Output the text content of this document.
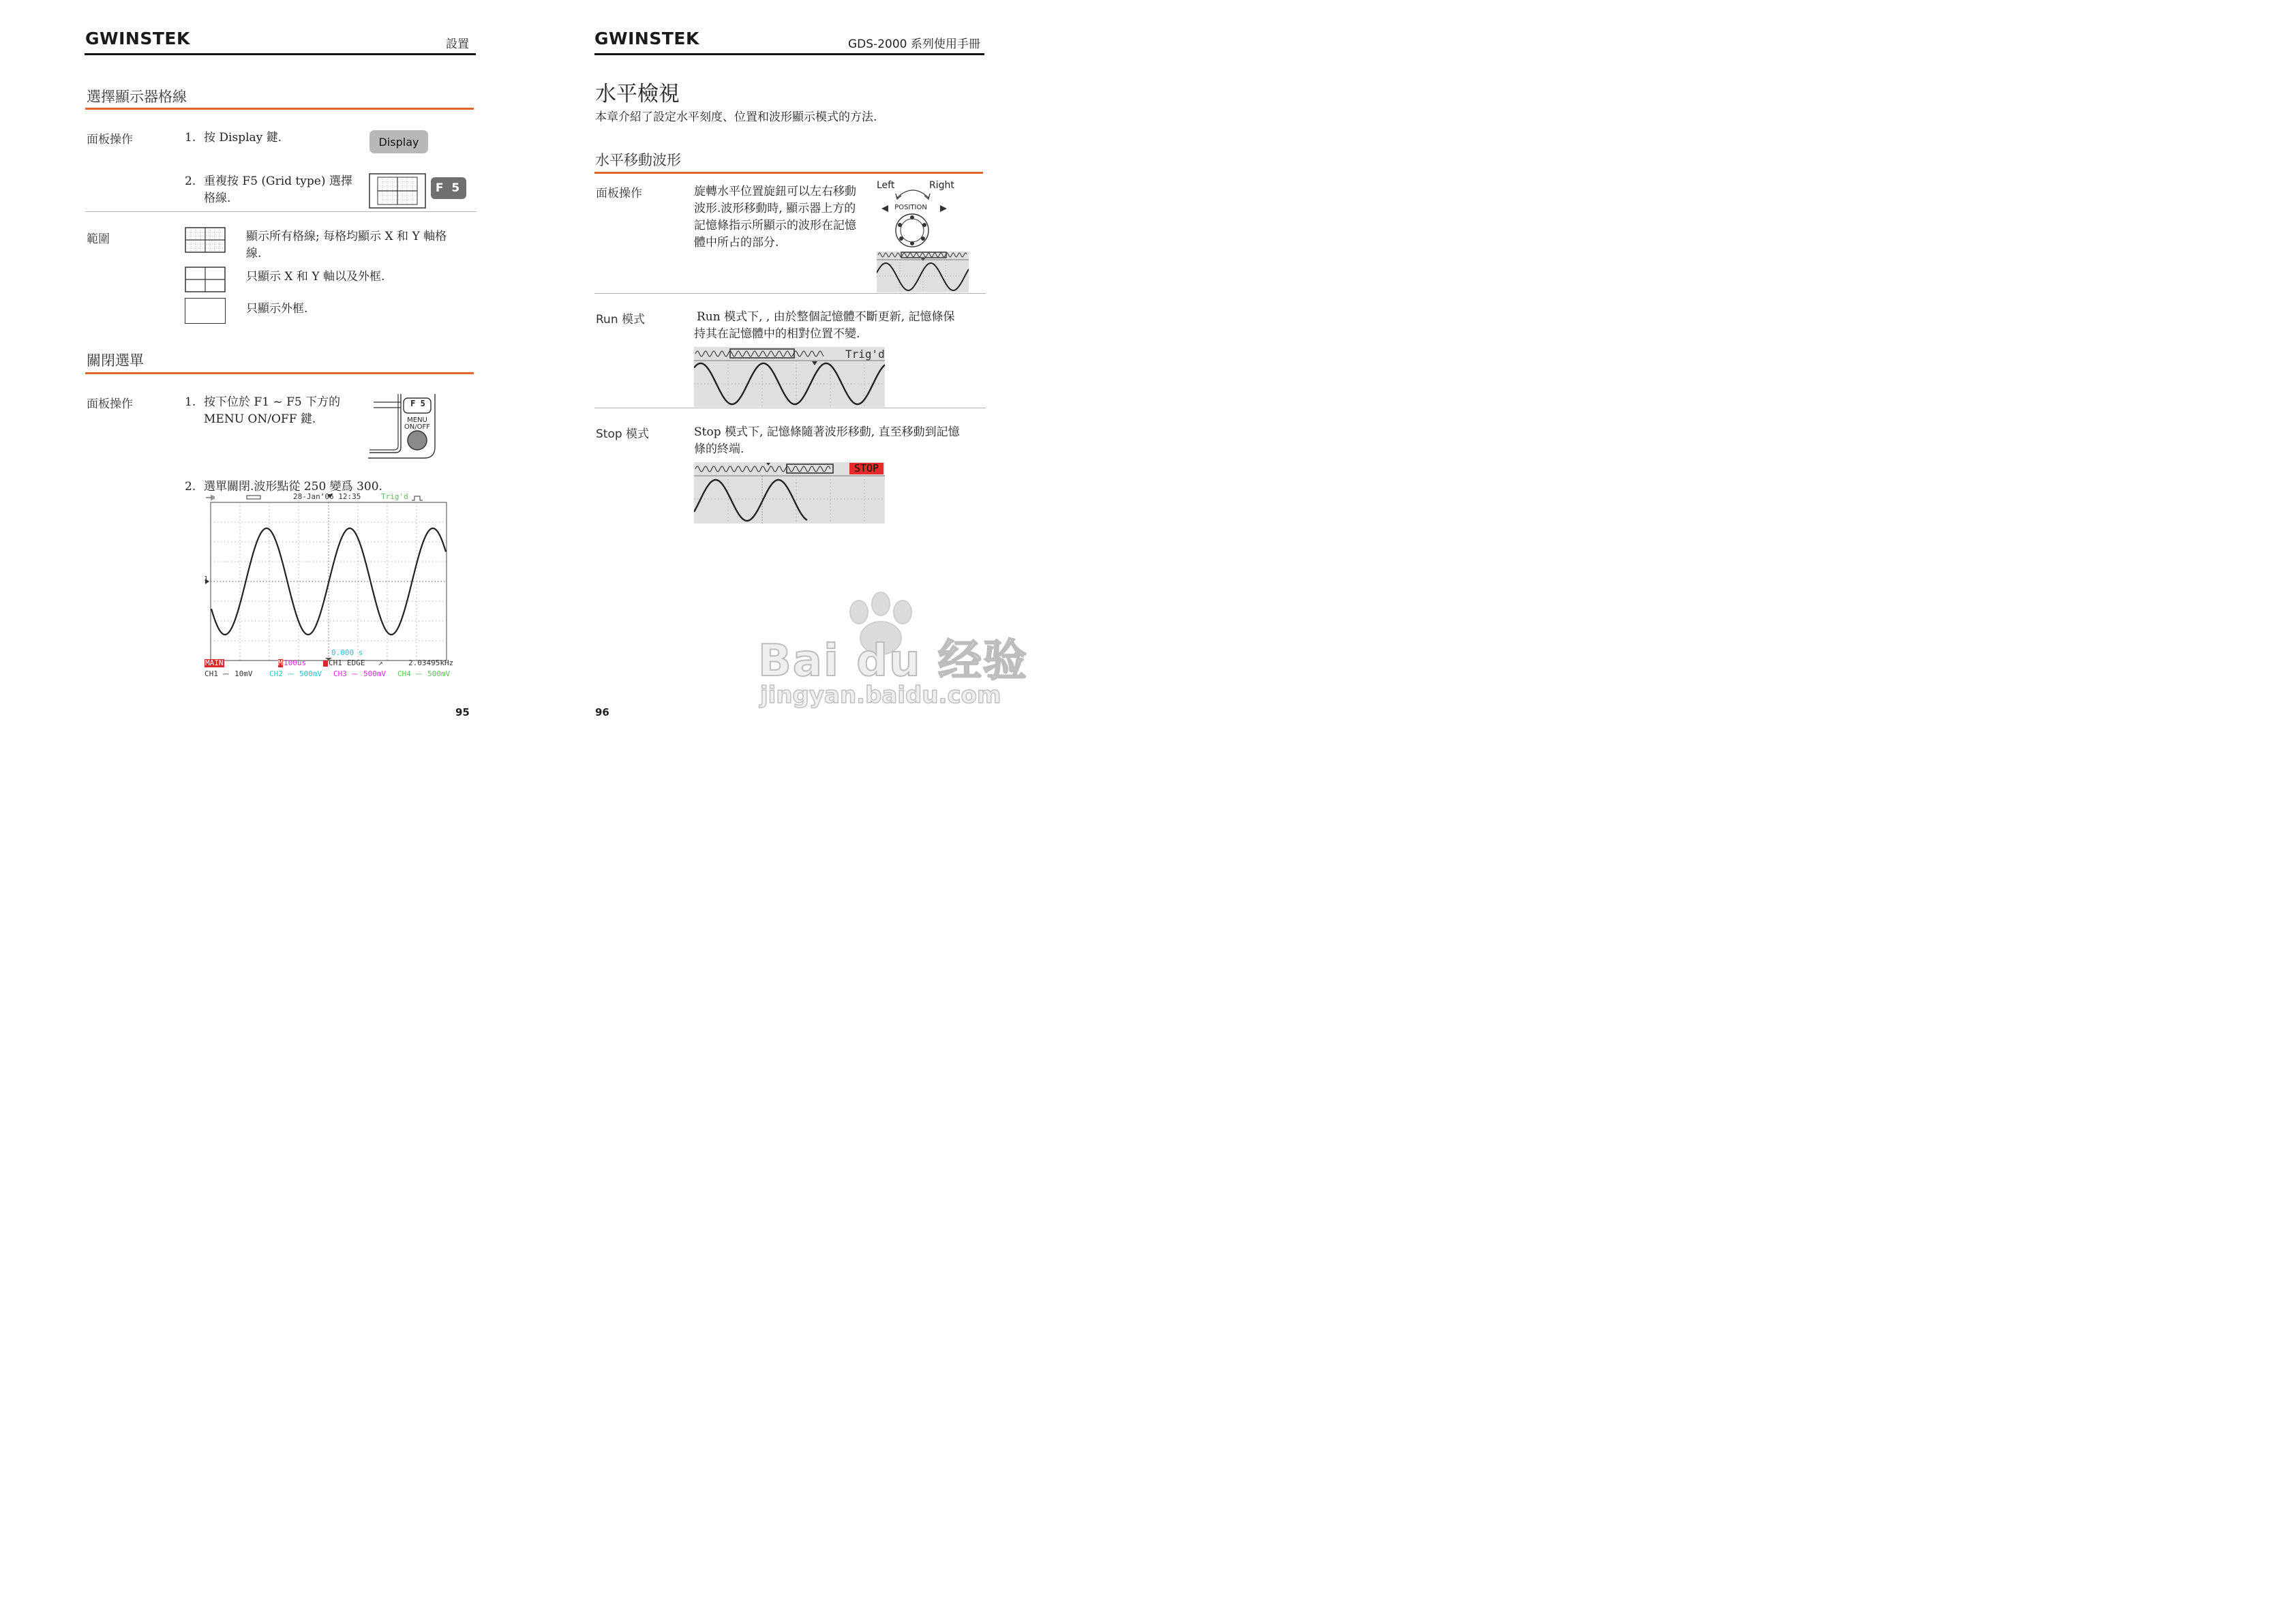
GWINSTEK	設置
選擇顯示器格線
面板操作	1. 按 Display 鍵.	Display
2. 重複按 F5 (Grid type) 選擇
格線.
F 5
範圍	顯示所有格線; 每格均顯示 X 和 Y 軸格
線.
只顯示 X 和 Y 軸以及外框.
只顯示外框.
關閉選單
面板操作	1. 按下位於 F1 ~ F5 下方的
MENU ON/OFF 鍵.
F 5
MENU
ON/OFF
2. 選單關閉.波形點從 250 變爲 300.
28-Jan’06 12:35	Trig'd
1
0.000 s
MAIN	M 100us	CH1 EDGE ↗	2.03495kHz
CH1 ⎓ 10mV CH2 ⎓ 500mV CH3 ⎓ 500mV CH4 ⎓ 500mV
95
GWINSTEK	GDS-2000 系列使用手冊
水平檢視
本章介紹了設定水平刻度、位置和波形顯示模式的方法.
水平移動波形
面板操作	旋轉水平位置旋鈕可以左右移動
波形.波形移動時, 顯示器上方的
記憶條指示所顯示的波形在記憶
體中所占的部分.
Left	Right
POSITION
Run 模式	Run 模式下, , 由於整個記憶體不斷更新, 記憶條保
持其在記憶體中的相對位置不變.
Trig'd
Stop 模式	Stop 模式下, 記憶條隨著波形移動, 直至移動到記憶
條的終端.
STOP
96
Bai du 经验
jingyan.baidu.com
